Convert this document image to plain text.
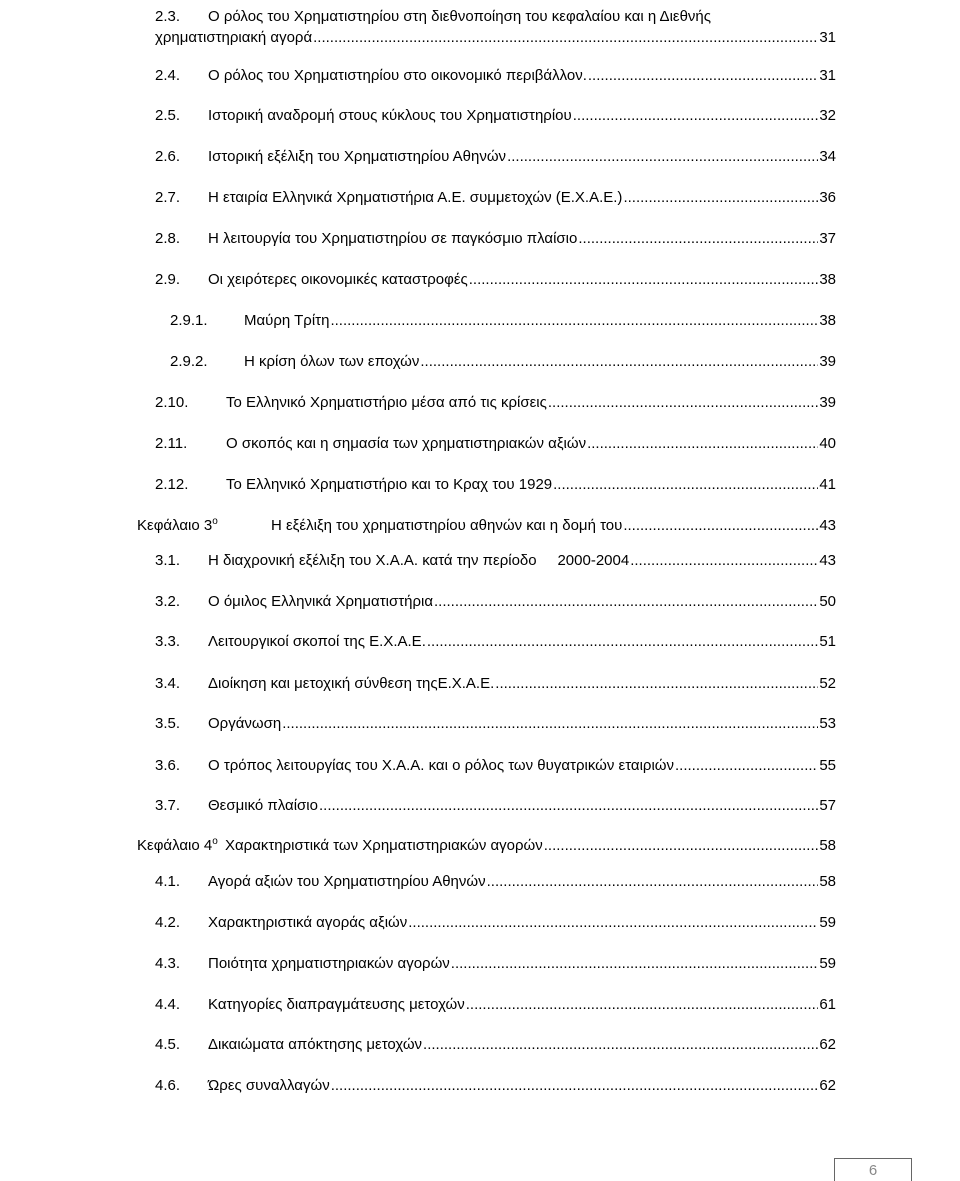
2.3. Ο ρόλος του Χρηματιστηρίου στη διεθνοποίηση του κεφαλαίου και η Διεθνής
χρηματιστηριακή αγορά .....	31
2.4. Ο ρόλος του Χρηματιστηρίου στο οικονομικό περιβάλλον. .....	31
2.5. Ιστορική αναδρομή στους κύκλους του Χρηματιστηρίου .....	32
2.6. Ιστορική εξέλιξη του Χρηματιστηρίου Αθηνών .....	34
2.7. Η εταιρία Ελληνικά Χρηματιστήρια Α.Ε. συμμετοχών (Ε.Χ.Α.Ε.) .....	36
2.8. Η λειτουργία του Χρηματιστηρίου σε παγκόσμιο πλαίσιο .....	37
2.9. Οι χειρότερες οικονομικές καταστροφές .....	38
2.9.1. Μαύρη Τρίτη .....	38
2.9.2. Η κρίση όλων των εποχών .....	39
2.10.	Το Ελληνικό Χρηματιστήριο μέσα από τις κρίσεις .....	39
2.11.	Ο σκοπός και η σημασία των χρηματιστηριακών αξιών .....	40
2.12.	Το Ελληνικό Χρηματιστήριο και το Κραχ του 1929 .....	41
Κεφάλαιο $3^o$	Η εξέλιξη του χρηματιστηρίου αθηνών και η δομή του .....	43
3.1. Η διαχρονική εξέλιξη του Χ.Α.Α. κατά την περίοδο     2000-2004 .....	43
3.2. Ο όμιλος Ελληνικά Χρηματιστήρια .....	50
3.3. Λειτουργικοί σκοποί της Ε.Χ.Α.Ε. .....	51
3.4. Διοίκηση και μετοχική σύνθεση τηςΕ.Χ.Α.Ε. .....	52
3.5. Οργάνωση .....	53
3.6. Ο τρόπος λειτουργίας του Χ.Α.Α. και ο ρόλος των θυγατρικών εταιριών .....	55
3.7. Θεσμικό πλαίσιο .....	57
Κεφάλαιο $4^o$ Χαρακτηριστικά των Χρηματιστηριακών αγορών .....	58
4.1. Αγορά αξιών του Χρηματιστηρίου Αθηνών .....	58
4.2. Χαρακτηριστικά αγοράς αξιών .....	59
4.3. Ποιότητα χρηματιστηριακών αγορών .....	59
4.4. Κατηγορίες διαπραγμάτευσης μετοχών .....	61
4.5. Δικαιώματα απόκτησης μετοχών .....	62
4.6. Ώρες συναλλαγών .....	62
6
